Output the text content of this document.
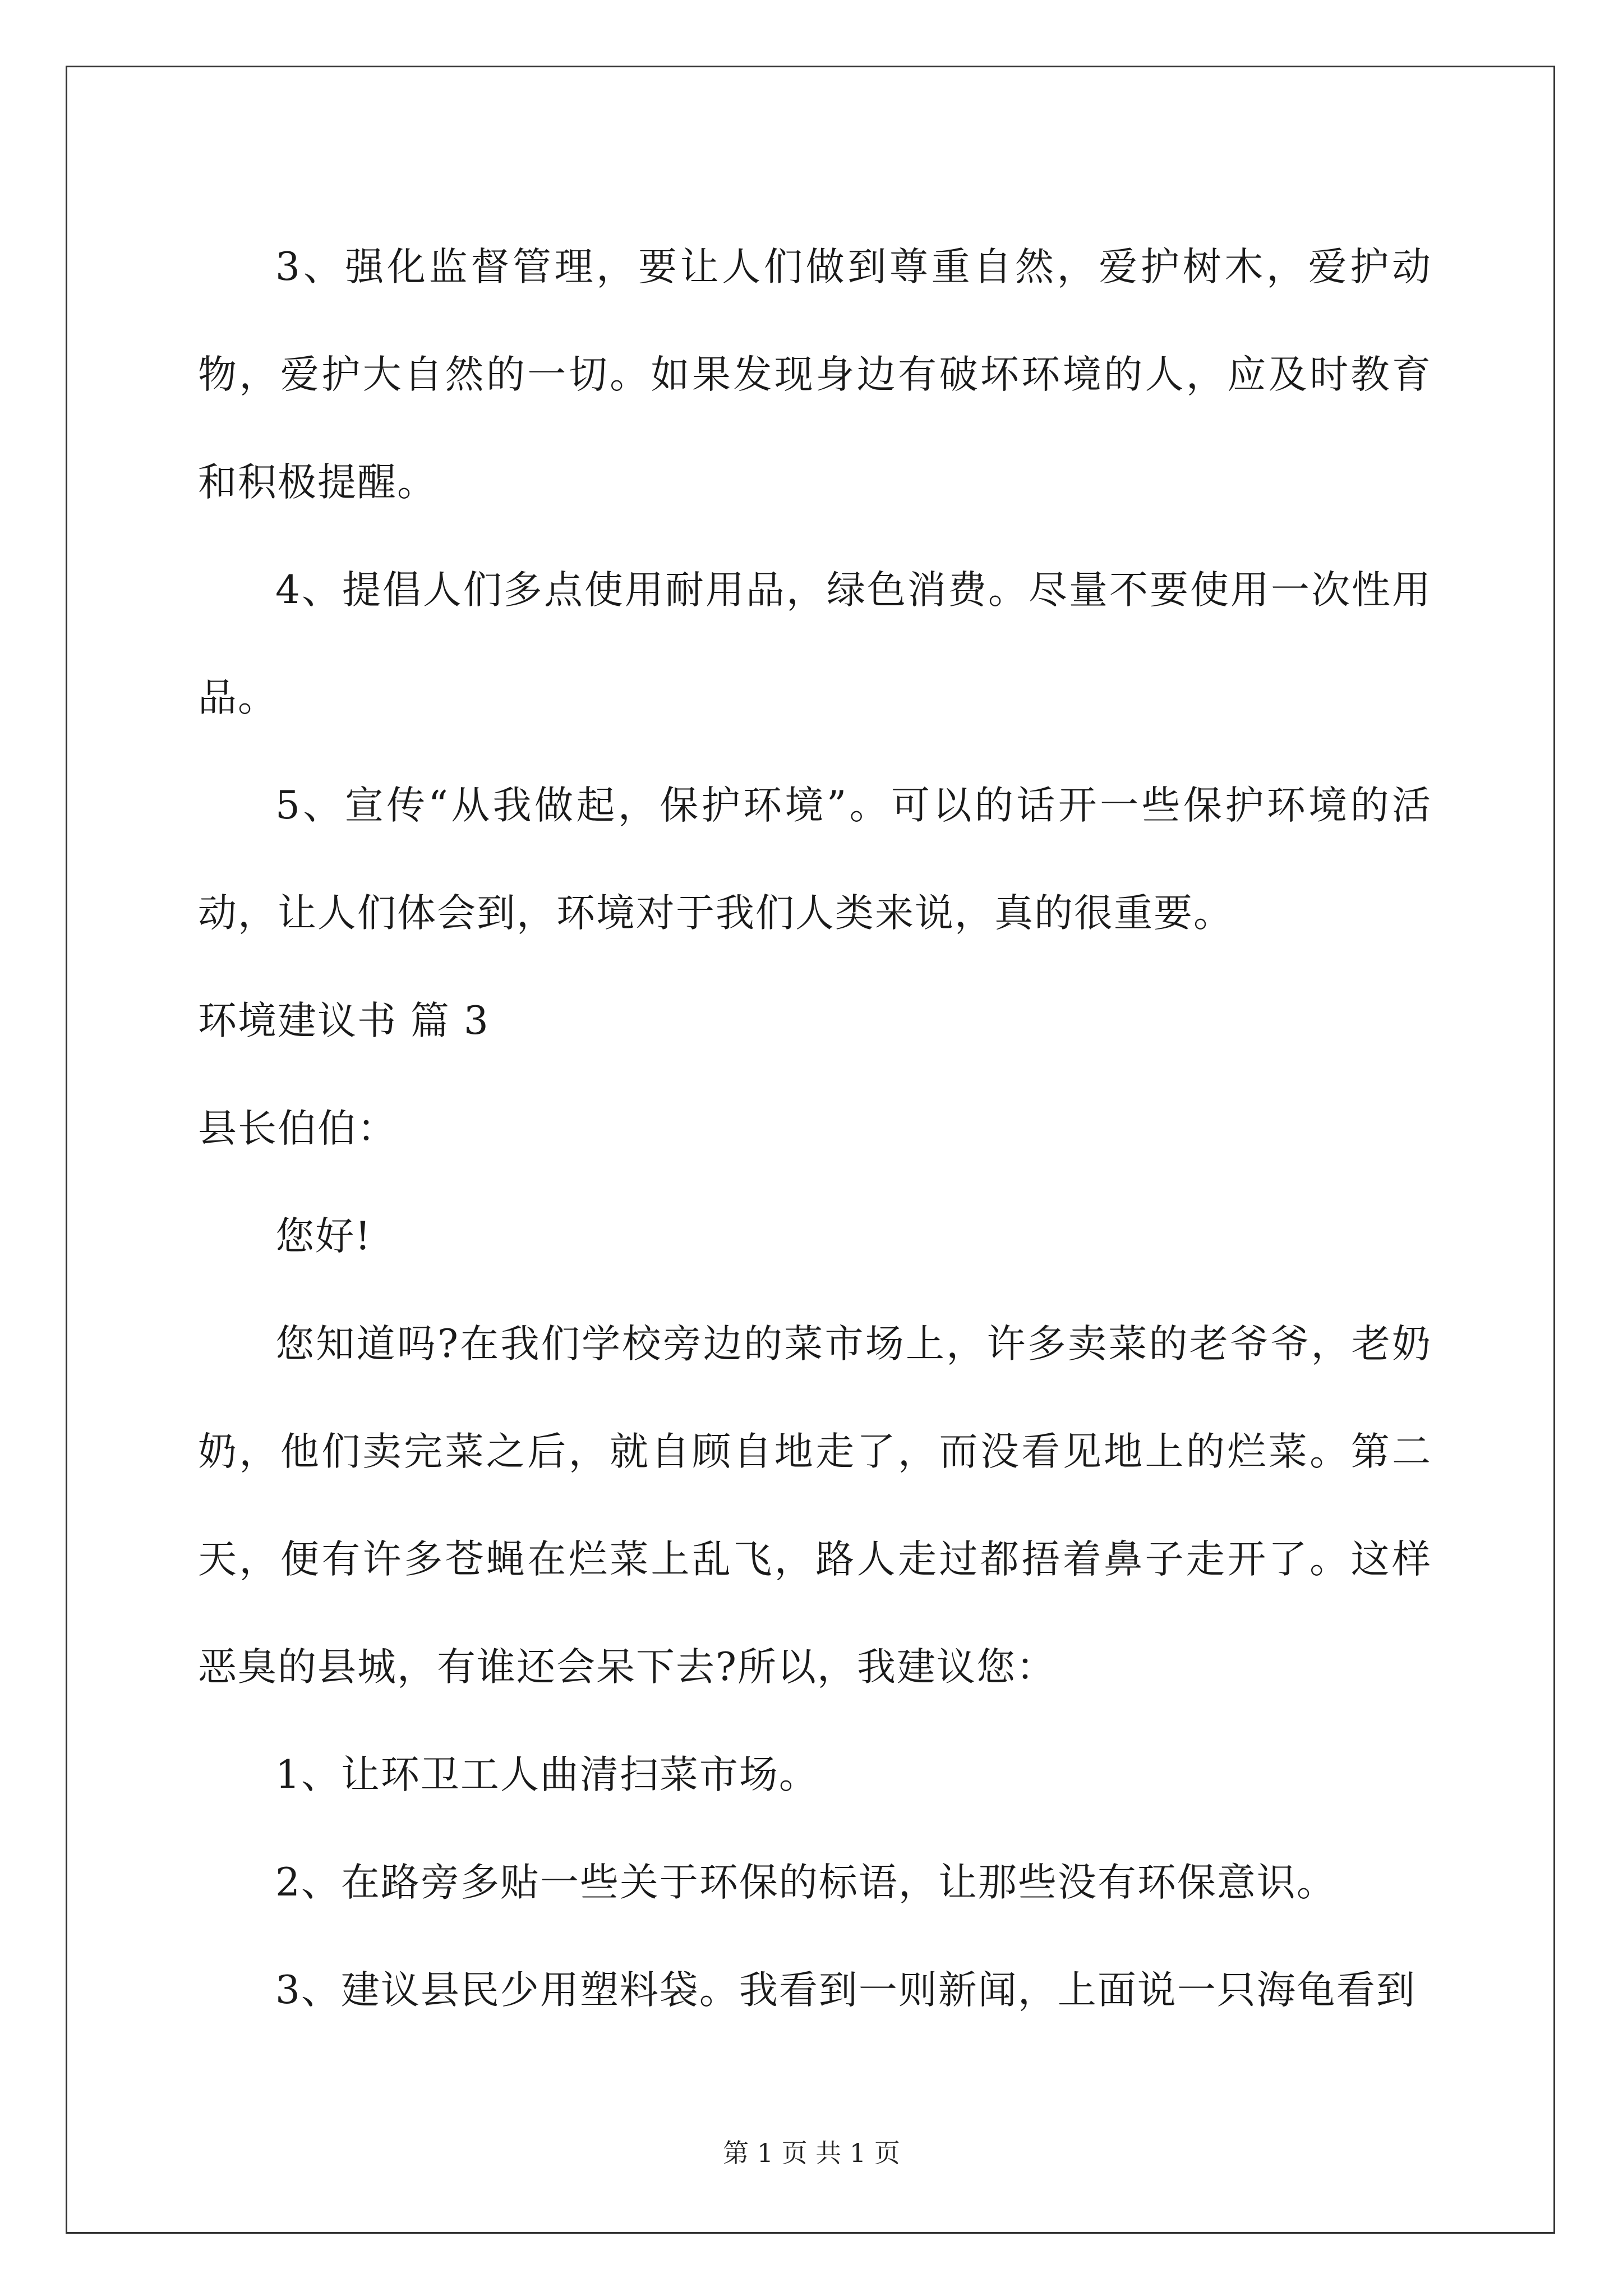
3、强化监督管理，要让人们做到尊重自然，爱护树木，爱护动物，爱护大自然的一切。如果发现身边有破坏环境的人，应及时教育和积极提醒。

4、提倡人们多点使用耐用品，绿色消费。尽量不要使用一次性用品。

5、宣传“从我做起，保护环境”。可以的话开一些保护环境的活动，让人们体会到，环境对于我们人类来说，真的很重要。

环境建议书 篇 3

县长伯伯：

您好!

您知道吗?在我们学校旁边的菜市场上，许多卖菜的老爷爷，老奶奶，他们卖完菜之后，就自顾自地走了，而没看见地上的烂菜。第二天，便有许多苍蝇在烂菜上乱飞，路人走过都捂着鼻子走开了。这样恶臭的县城，有谁还会呆下去?所以，我建议您：

1、让环卫工人曲清扫菜市场。

2、在路旁多贴一些关于环保的标语，让那些没有环保意识。

3、建议县民少用塑料袋。我看到一则新闻，上面说一只海龟看到

第 1 页 共 1 页
